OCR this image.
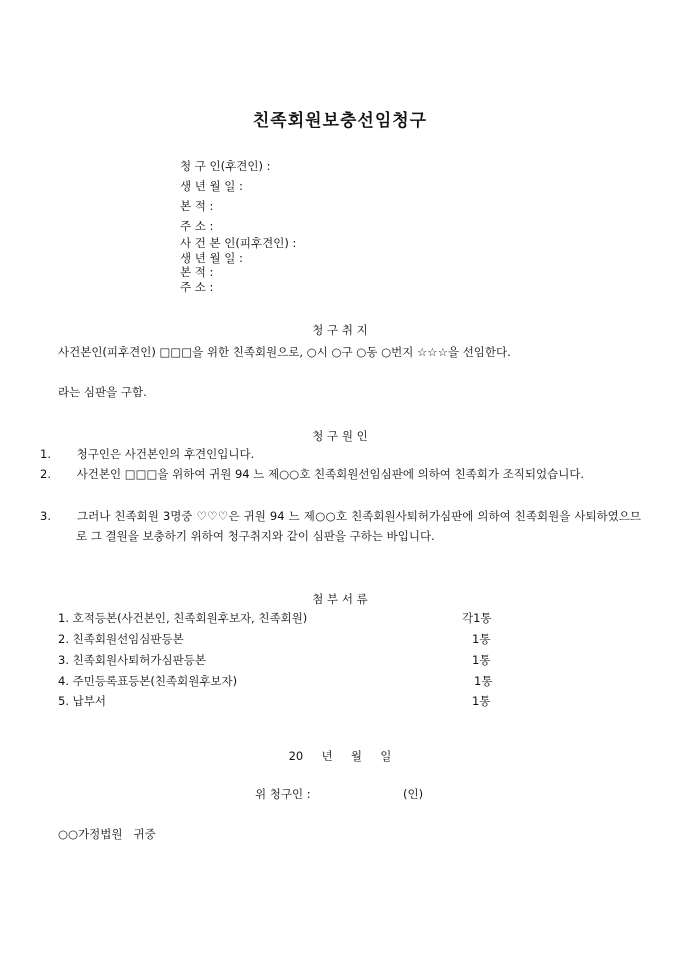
친족회원보충선임청구
청 구 인(후견인) :
생 년 월 일 :
본 적 :
주 소 :
사 건 본 인(피후견인) :
생 년 월 일 :
본 적 :
주 소 :
청 구 취 지
사건본인(피후견인) □□□을 위한 친족회원으로, ○시 ○구 ○동 ○번지 ☆☆☆을 선임한다.
라는 심판을 구함.
청 구 원 인
1. 청구인은 사건본인의 후견인입니다.
2. 사건본인 □□□을 위하여 귀원 94 느 제○○호 친족회원선임심판에 의하여 친족회가 조직되었습니다.
3. 그러나 친족회원 3명중 ♡♡♡은 귀원 94 느 제○○호 친족회원사퇴허가심판에 의하여 친족회원을 사퇴하였으므로 그 결원을 보충하기 위하여 청구취지와 같이 심판을 구하는 바입니다.
첨 부 서 류
1. 호적등본(사건본인, 친족회원후보자, 친족회원)	각1통
2. 친족회원선임심판등본	1통
3. 친족회원사퇴허가심판등본	1통
4. 주민등록표등본(친족회원후보자)	1통
5. 납부서	1통
20     년     월     일
위 청구인 :	(인)
○○가정법원   귀중
